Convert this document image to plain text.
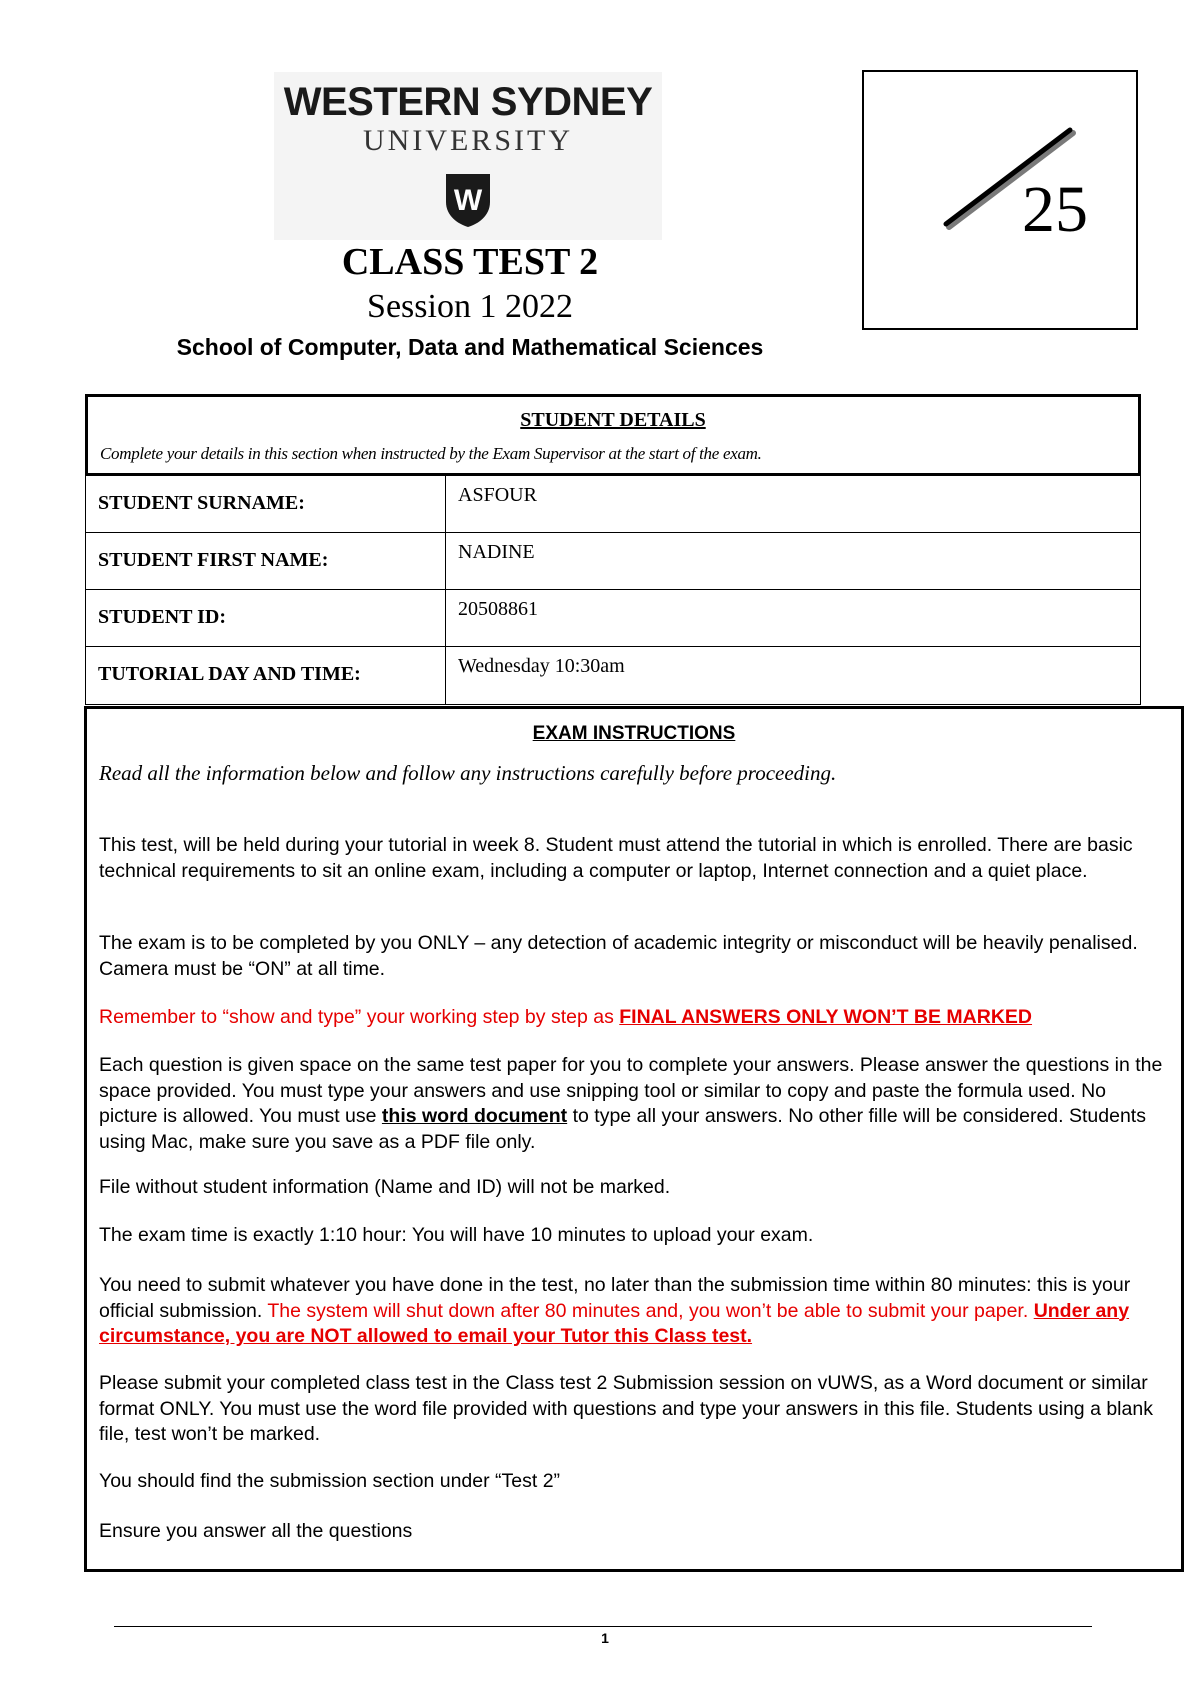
WESTERN SYDNEY
UNIVERSITY
W
CLASS TEST 2
Session 1 2022
School of Computer, Data and Mathematical Sciences
25
STUDENT DETAILS
Complete your details in this section when instructed by the Exam Supervisor at the start of the exam.
STUDENT SURNAME:	ASFOUR
STUDENT FIRST NAME:	NADINE
STUDENT ID:	20508861
TUTORIAL DAY AND TIME:	Wednesday 10:30am
EXAM INSTRUCTIONS
Read all the information below and follow any instructions carefully before proceeding.
This test, will be held during your tutorial in week 8. Student must attend the tutorial in which is enrolled. There are basic technical requirements to sit an online exam, including a computer or laptop, Internet connection and a quiet place.
The exam is to be completed by you ONLY – any detection of academic integrity or misconduct will be heavily penalised. Camera must be “ON” at all time.
Remember to “show and type” your working step by step as FINAL ANSWERS ONLY WON’T BE MARKED
Each question is given space on the same test paper for you to complete your answers. Please answer the questions in the space provided. You must type your answers and use snipping tool or similar to copy and paste the formula used. No picture is allowed. You must use this word document to type all your answers. No other fille will be considered. Students using Mac, make sure you save as a PDF file only.
File without student information (Name and ID) will not be marked.
The exam time is exactly 1:10 hour: You will have 10 minutes to upload your exam.
You need to submit whatever you have done in the test, no later than the submission time within 80 minutes: this is your official submission. The system will shut down after 80 minutes and, you won’t be able to submit your paper. Under any circumstance, you are NOT allowed to email your Tutor this Class test.
Please submit your completed class test in the Class test 2 Submission session on vUWS, as a Word document or similar format ONLY. You must use the word file provided with questions and type your answers in this file. Students using a blank file, test won’t be marked.
You should find the submission section under “Test 2”
Ensure you answer all the questions
1
